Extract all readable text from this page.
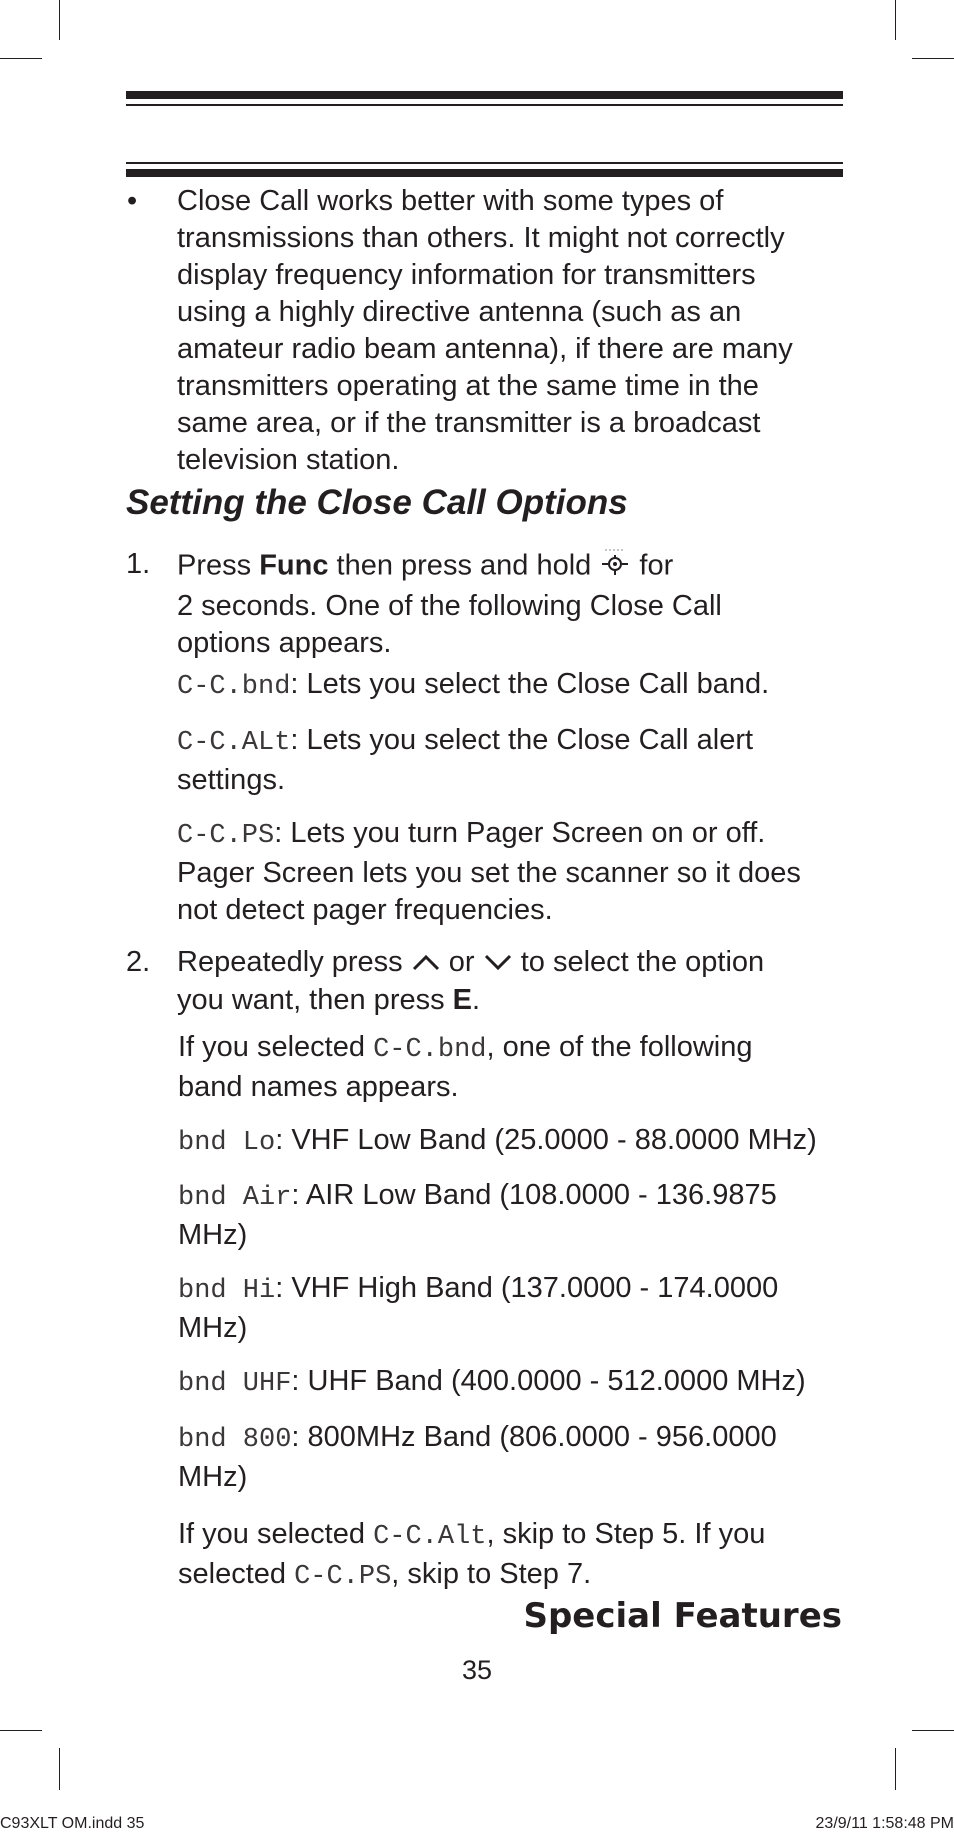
• Close Call works better with some types of
transmissions than others. It might not correctly
display frequency information for transmitters
using a highly directive antenna (such as an
amateur radio beam antenna), if there are many
transmitters operating at the same time in the
same area, or if the transmitter is a broadcast
television station.
Setting the Close Call Options
1. Press Func then press and hold  for
2 seconds. One of the following Close Call
options appears.
C-C.bnd: Lets you select the Close Call band.
C-C.ALt: Lets you select the Close Call alert
settings.
C-C.PS: Lets you turn Pager Screen on or off.
Pager Screen lets you set the scanner so it does
not detect pager frequencies.
2. Repeatedly press  or  to select the option
you want, then press E.
If you selected C-C.bnd, one of the following
band names appears.
bnd Lo: VHF Low Band (25.0000 - 88.0000 MHz)
bnd Air: AIR Low Band (108.0000 - 136.9875
MHz)
bnd Hi: VHF High Band (137.0000 - 174.0000
MHz)
bnd UHF: UHF Band (400.0000 - 512.0000 MHz)
bnd 800: 800MHz Band (806.0000 - 956.0000
MHz)
If you selected C-C.Alt, skip to Step 5. If you
selected C-C.PS, skip to Step 7.
Special Features
35
C93XLT OM.indd 35	23/9/11 1:58:48 PM
